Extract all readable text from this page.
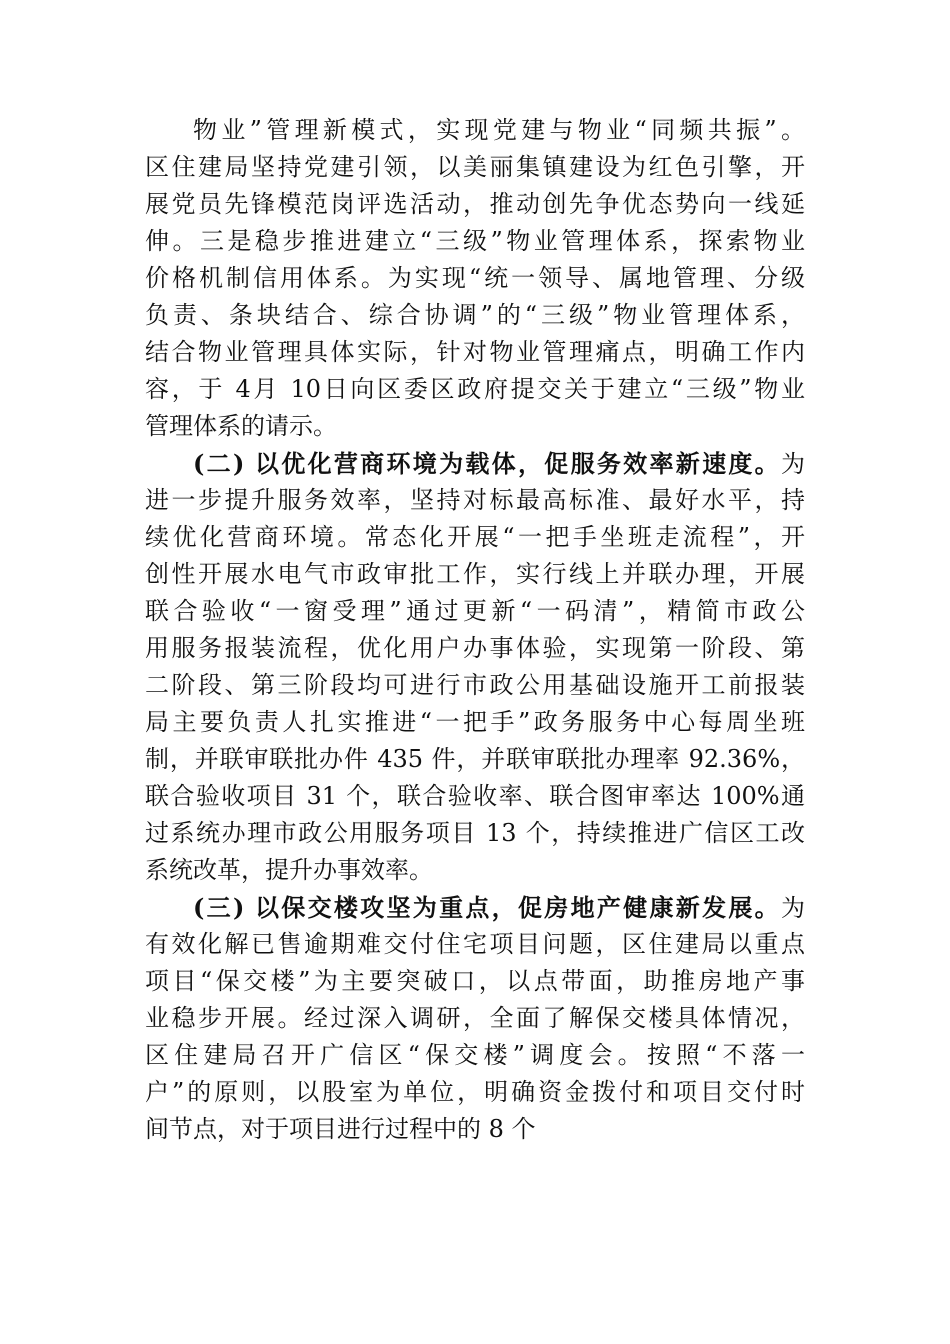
物业”管理新模式，实现党建与物业“同频共振”。
区住建局坚持党建引领，以美丽集镇建设为红色引擎，开
展党员先锋模范岗评选活动，推动创先争优态势向一线延
伸。三是稳步推进建立“三级”物业管理体系，探索物业
价格机制信用体系。为实现“统一领导、属地管理、分级
负责、条块结合、综合协调”的“三级”物业管理体系，
结合物业管理具体实际，针对物业管理痛点，明确工作内
容，于 4月 10日向区委区政府提交关于建立“三级”物业
管理体系的请示。
(二) 以优化营商环境为载体，促服务效率新速度。为
进一步提升服务效率，坚持对标最高标准、最好水平，持
续优化营商环境。常态化开展“一把手坐班走流程”，开
创性开展水电气市政审批工作，实行线上并联办理，开展
联合验收“一窗受理”通过更新“一码清”，精简市政公
用服务报装流程，优化用户办事体验，实现第一阶段、第
二阶段、第三阶段均可进行市政公用基础设施开工前报装
局主要负责人扎实推进“一把手”政务服务中心每周坐班
制，并联审联批办件 435 件，并联审联批办理率 92.36%，
联合验收项目 31 个，联合验收率、联合图审率达 100%通
过系统办理市政公用服务项目 13 个，持续推进广信区工改
系统改革，提升办事效率。
(三) 以保交楼攻坚为重点，促房地产健康新发展。为
有效化解已售逾期难交付住宅项目问题，区住建局以重点
项目“保交楼”为主要突破口，以点带面，助推房地产事
业稳步开展。经过深入调研，全面了解保交楼具体情况，
区住建局召开广信区“保交楼”调度会。按照“不落一
户”的原则，以股室为单位，明确资金拨付和项目交付时
间节点，对于项目进行过程中的 8 个
